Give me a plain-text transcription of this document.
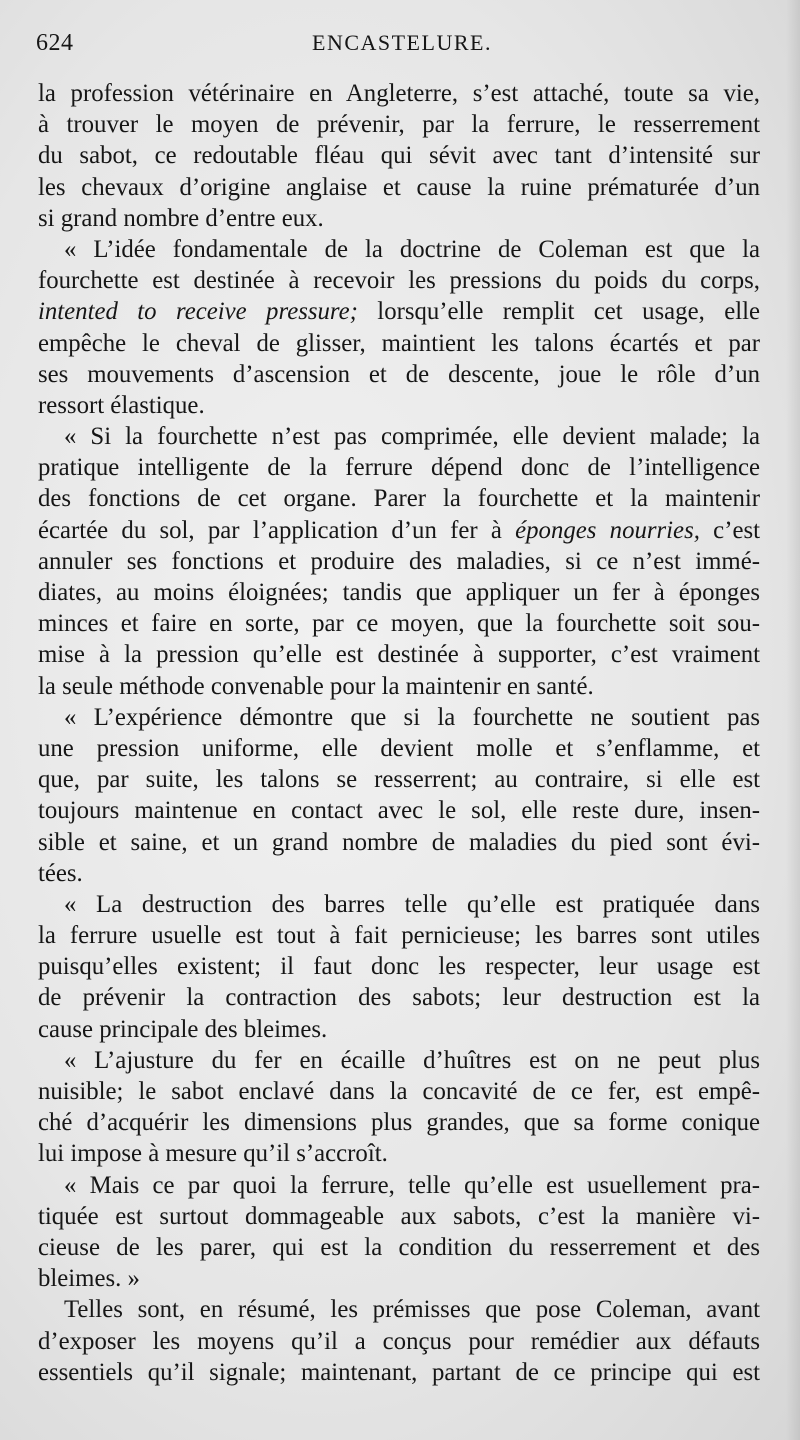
624	ENCASTELURE.
la profession vétérinaire en Angleterre, s’est attaché, toute sa vie,
à trouver le moyen de prévenir, par la ferrure, le resserrement
du sabot, ce redoutable fléau qui sévit avec tant d’intensité sur
les chevaux d’origine anglaise et cause la ruine prématurée d’un
si grand nombre d’entre eux.
« L’idée fondamentale de la doctrine de Coleman est que la
fourchette est destinée à recevoir les pressions du poids du corps,
intented to receive pressure; lorsqu’elle remplit cet usage, elle
empêche le cheval de glisser, maintient les talons écartés et par
ses mouvements d’ascension et de descente, joue le rôle d’un
ressort élastique.
« Si la fourchette n’est pas comprimée, elle devient malade; la
pratique intelligente de la ferrure dépend donc de l’intelligence
des fonctions de cet organe. Parer la fourchette et la maintenir
écartée du sol, par l’application d’un fer à éponges nourries, c’est
annuler ses fonctions et produire des maladies, si ce n’est immé-
diates, au moins éloignées; tandis que appliquer un fer à éponges
minces et faire en sorte, par ce moyen, que la fourchette soit sou-
mise à la pression qu’elle est destinée à supporter, c’est vraiment
la seule méthode convenable pour la maintenir en santé.
« L’expérience démontre que si la fourchette ne soutient pas
une pression uniforme, elle devient molle et s’enflamme, et
que, par suite, les talons se resserrent; au contraire, si elle est
toujours maintenue en contact avec le sol, elle reste dure, insen-
sible et saine, et un grand nombre de maladies du pied sont évi-
tées.
« La destruction des barres telle qu’elle est pratiquée dans
la ferrure usuelle est tout à fait pernicieuse; les barres sont utiles
puisqu’elles existent; il faut donc les respecter, leur usage est
de prévenir la contraction des sabots; leur destruction est la
cause principale des bleimes.
« L’ajusture du fer en écaille d’huîtres est on ne peut plus
nuisible; le sabot enclavé dans la concavité de ce fer, est empê-
ché d’acquérir les dimensions plus grandes, que sa forme conique
lui impose à mesure qu’il s’accroît.
« Mais ce par quoi la ferrure, telle qu’elle est usuellement pra-
tiquée est surtout dommageable aux sabots, c’est la manière vi-
cieuse de les parer, qui est la condition du resserrement et des
bleimes. »
Telles sont, en résumé, les prémisses que pose Coleman, avant
d’exposer les moyens qu’il a conçus pour remédier aux défauts
essentiels qu’il signale; maintenant, partant de ce principe qui est
